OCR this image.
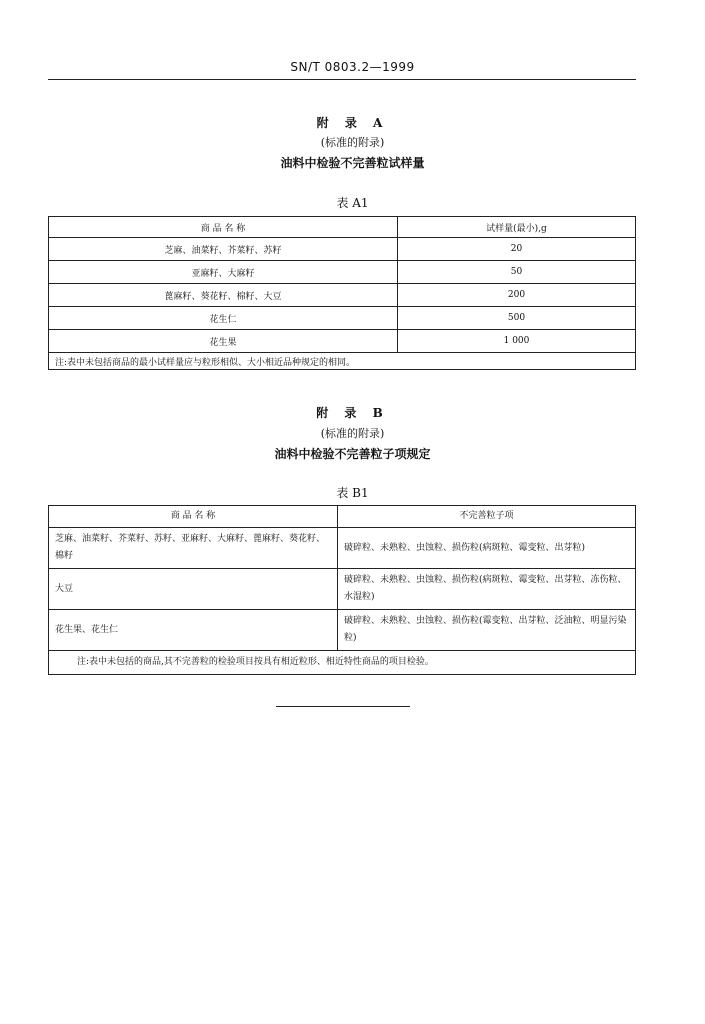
SN/T 0803.2—1999
附 录 A
(标准的附录)
油料中检验不完善粒试样量
表 A1
商 品 名 称	试样量(最小),g
芝麻、油菜籽、芥菜籽、苏籽	20
亚麻籽、大麻籽	50
蓖麻籽、葵花籽、棉籽、大豆	200
花生仁	500
花生果	1 000
注:表中未包括商品的最小试样量应与粒形相似、大小相近品种规定的相同。	
附 录 B
(标准的附录)
油料中检验不完善粒子项规定
表 B1
商 品 名 称	不完善粒子项
芝麻、油菜籽、芥菜籽、苏籽、亚麻籽、大麻籽、蓖麻籽、葵花籽、棉籽	破碎粒、未熟粒、虫蚀粒、损伤粒(病斑粒、霉变粒、出芽粒)
大豆	破碎粒、未熟粒、虫蚀粒、损伤粒(病斑粒、霉变粒、出芽粒、冻伤粒、水湿粒)
花生果、花生仁	破碎粒、未熟粒、虫蚀粒、损伤粒(霉变粒、出芽粒、泛油粒、明显污染粒)
注:表中未包括的商品,其不完善粒的检验项目按具有相近粒形、相近特性商品的项目检验。	
